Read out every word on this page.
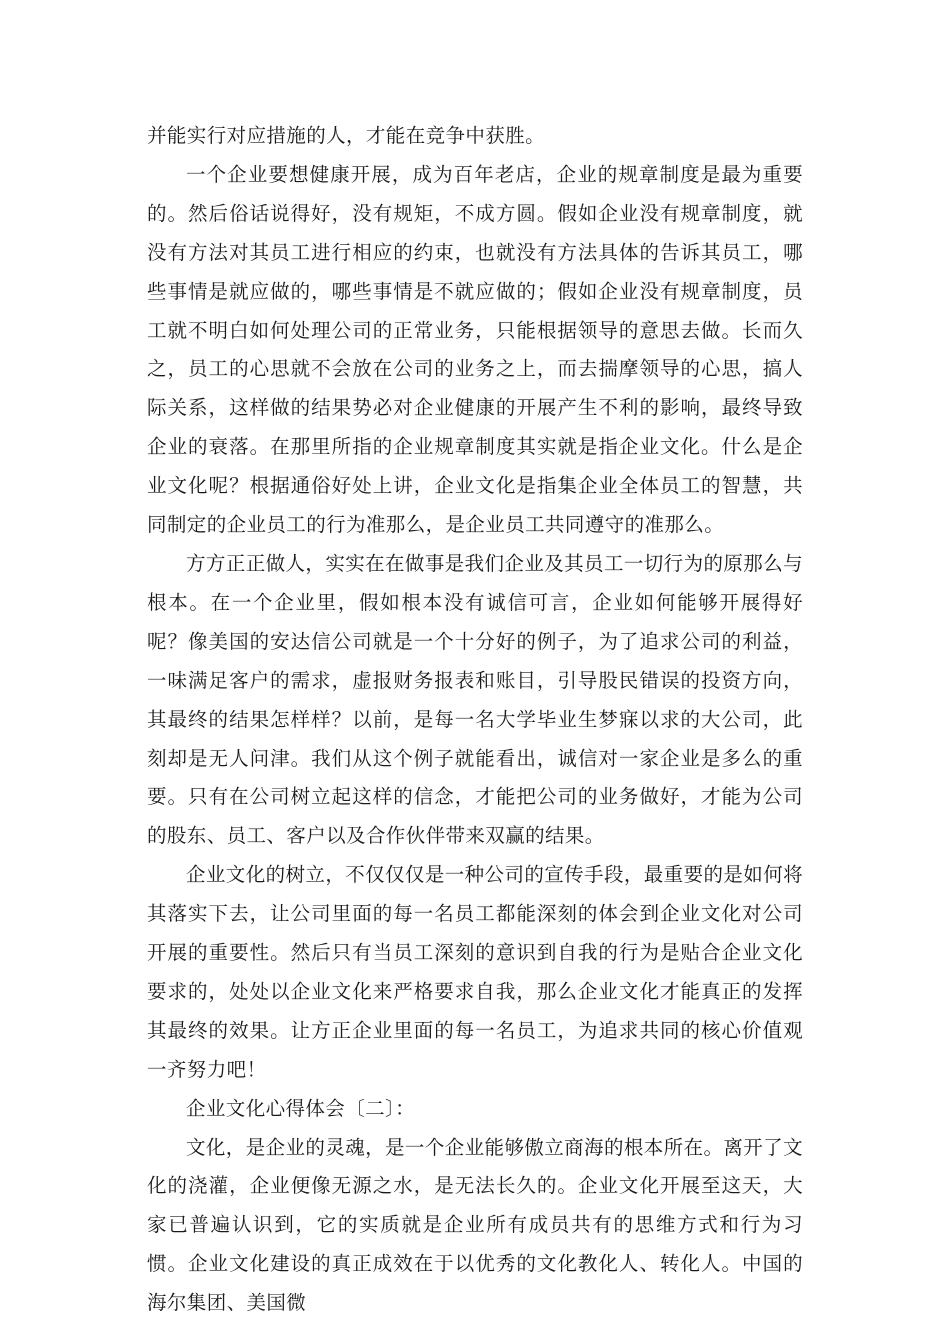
并能实行对应措施的人，才能在竞争中获胜。

一个企业要想健康开展，成为百年老店，企业的规章制度是最为重要的。然后俗话说得好，没有规矩，不成方圆。假如企业没有规章制度，就没有方法对其员工进行相应的约束，也就没有方法具体的告诉其员工，哪些事情是就应做的，哪些事情是不就应做的；假如企业没有规章制度，员工就不明白如何处理公司的正常业务，只能根据领导的意思去做。长而久之，员工的心思就不会放在公司的业务之上，而去揣摩领导的心思，搞人际关系，这样做的结果势必对企业健康的开展产生不利的影响，最终导致企业的衰落。在那里所指的企业规章制度其实就是指企业文化。什么是企业文化呢？根据通俗好处上讲，企业文化是指集企业全体员工的智慧，共同制定的企业员工的行为准那么，是企业员工共同遵守的准那么。

方方正正做人，实实在在做事是我们企业及其员工一切行为的原那么与根本。在一个企业里，假如根本没有诚信可言，企业如何能够开展得好呢？像美国的安达信公司就是一个十分好的例子，为了追求公司的利益，一味满足客户的需求，虚报财务报表和账目，引导股民错误的投资方向，其最终的结果怎样样？以前，是每一名大学毕业生梦寐以求的大公司，此刻却是无人问津。我们从这个例子就能看出，诚信对一家企业是多么的重要。只有在公司树立起这样的信念，才能把公司的业务做好，才能为公司的股东、员工、客户以及合作伙伴带来双赢的结果。

企业文化的树立，不仅仅仅是一种公司的宣传手段，最重要的是如何将其落实下去，让公司里面的每一名员工都能深刻的体会到企业文化对公司开展的重要性。然后只有当员工深刻的意识到自我的行为是贴合企业文化要求的，处处以企业文化来严格要求自我，那么企业文化才能真正的发挥其最终的效果。让方正企业里面的每一名员工，为追求共同的核心价值观一齐努力吧！

企业文化心得体会〔二〕：

文化，是企业的灵魂，是一个企业能够傲立商海的根本所在。离开了文化的浇灌，企业便像无源之水，是无法长久的。企业文化开展至这天，大家已普遍认识到，它的实质就是企业所有成员共有的思维方式和行为习惯。企业文化建设的真正成效在于以优秀的文化教化人、转化人。中国的海尔集团、美国微
